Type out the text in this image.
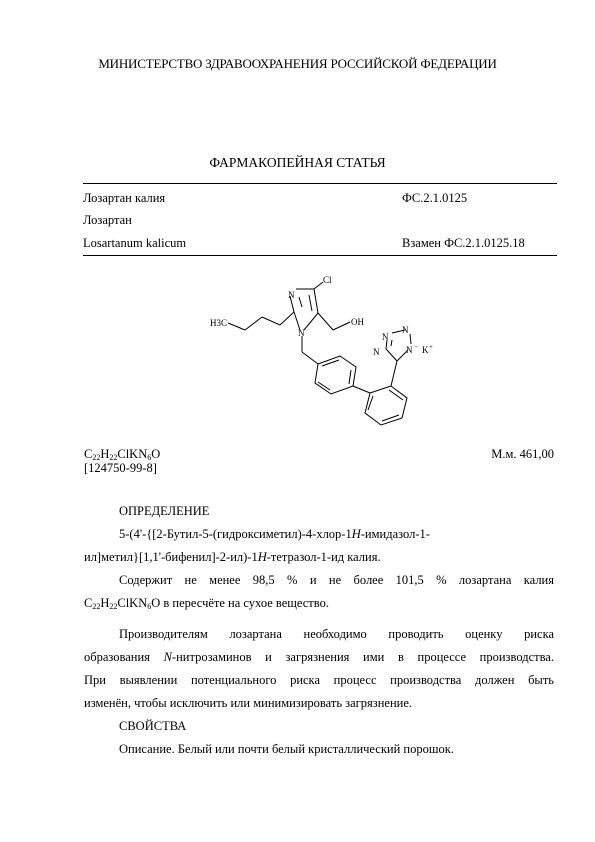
МИНИСТЕРСТВО ЗДРАВООХРАНЕНИЯ РОССИЙСКОЙ ФЕДЕРАЦИИ
ФАРМАКОПЕЙНАЯ СТАТЬЯ
Лозартан калия	ФС.2.1.0125
Лозартан
Losartanum kalicum	Взамен ФС.2.1.0125.18
H3C
N
N
Cl
OH
N
N
N	N − K +
$C_{22}H_{22}ClKN_6O$	М.м. 461,00
[124750-99-8]
ОПРЕДЕЛЕНИЕ
5-(4'-{[2-Бутил-5-(гидроксиметил)-4-хлор-1H-имидазол-1-
ил]метил}[1,1'-бифенил]-2-ил)-1H-тетразол-1-ид калия.
Содержит не менее 98,5 % и не более 101,5 % лозартана калия
$C_{22}H_{22}ClKN_6O$ в пересчёте на сухое вещество.
Производителям лозартана необходимо проводить оценку риска
образования N-нитрозаминов и загрязнения ими в процессе производства.
При выявлении потенциального риска процесс производства должен быть
изменён, чтобы исключить или минимизировать загрязнение.
СВОЙСТВА
Описание. Белый или почти белый кристаллический порошок.
